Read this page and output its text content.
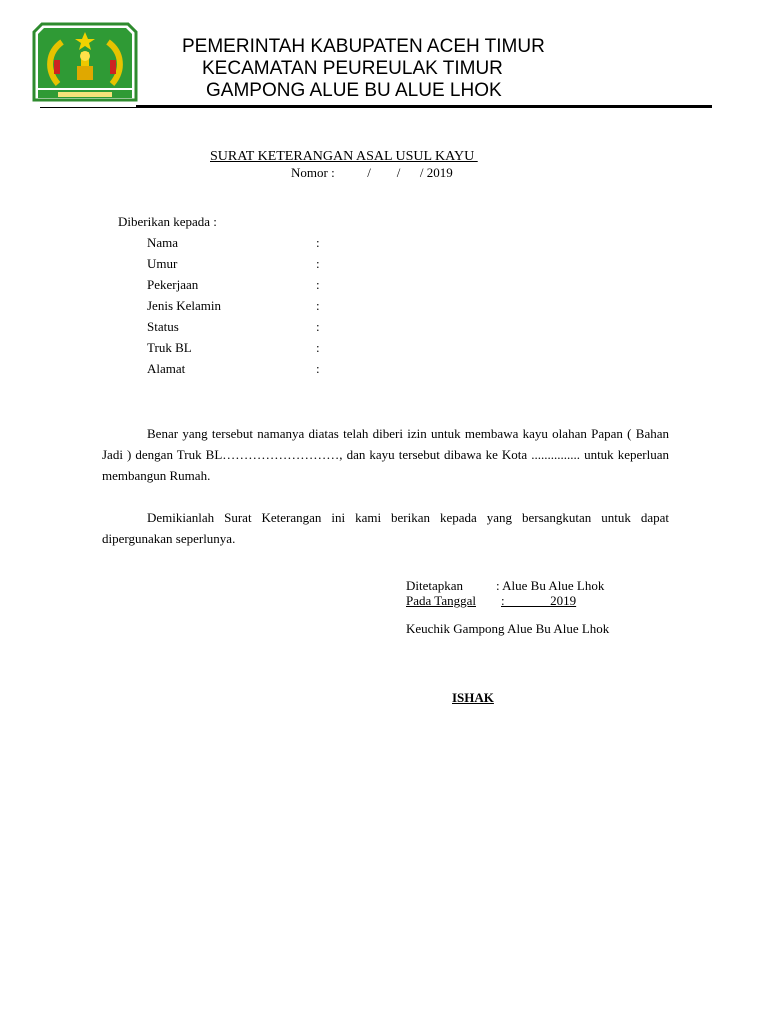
PEMERINTAH KABUPATEN ACEH TIMUR
KECAMATAN PEUREULAK TIMUR
GAMPONG ALUE BU ALUE LHOK
SURAT KETERANGAN ASAL USUL KAYU
Nomor :          /        /      / 2019
Diberikan kepada :
Nama	:
Umur	:
Pekerjaan	:
Jenis Kelamin	:
Status	:
Truk BL	:
Alamat	:
Benar yang tersebut namanya diatas telah diberi izin untuk membawa kayu olahan Papan ( Bahan Jadi ) dengan Truk BL………………………, dan kayu tersebut dibawa ke Kota ............... untuk keperluan membangun Rumah.
Demikianlah Surat Keterangan ini kami berikan kepada yang bersangkutan untuk dapat dipergunakan seperlunya.
Ditetapkan	: Alue Bu Alue Lhok
Pada Tanggal :              2019
Keuchik Gampong Alue Bu Alue Lhok
ISHAK
